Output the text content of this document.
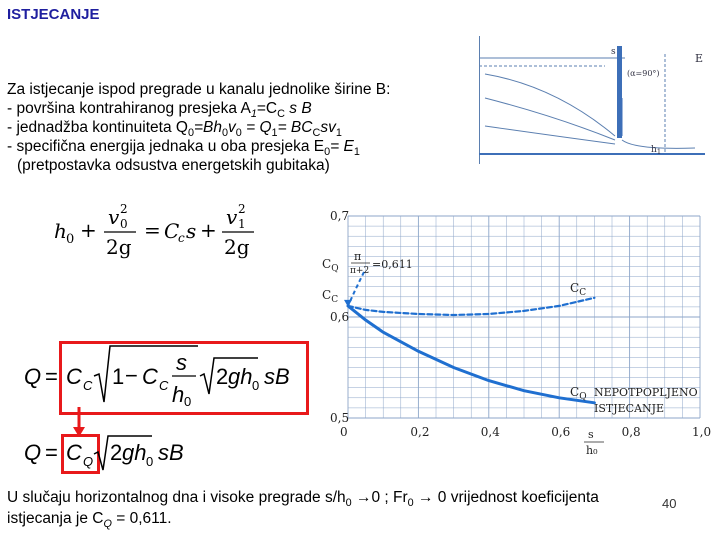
ISTJECANJE
Za istjecanje ispod pregrade u kanalu jednolike širine B:
- površina kontrahiranog presjeka $A_1=C_C$ s B
- jednadžba kontinuiteta $Q_0=Bh_0v_0 = Q_1= BC_Csv_1$
- specifična energija jednaka u oba presjeka $E_0= E_1$
(pretpostavka odsustva energetskih gubitaka)
h 0 +
v 0
2
2g
= C
c s +
v 1
2
2g
Q = C C 1 − C C
s
h 0
2 gh 0 sB
Q = C Q 2 gh 0 sB
E
s
(α=90°)
$h_1$
0,7
0,6
0,5
0	0,2	0,4	0,6	0,8	1,0
$C_Q$
$C_C$
π
π+2 =0,611
$C_C$
$C_Q$ NEPOTPOPLJENO
ISTJECANJE
s
h₀
U slučaju horizontalnog dna i visoke pregrade $s/h_0 \to 0$ ; $Fr_0 \to 0$ vrijednost koeficijenta
istjecanja je $C_Q = 0,611$.
40
